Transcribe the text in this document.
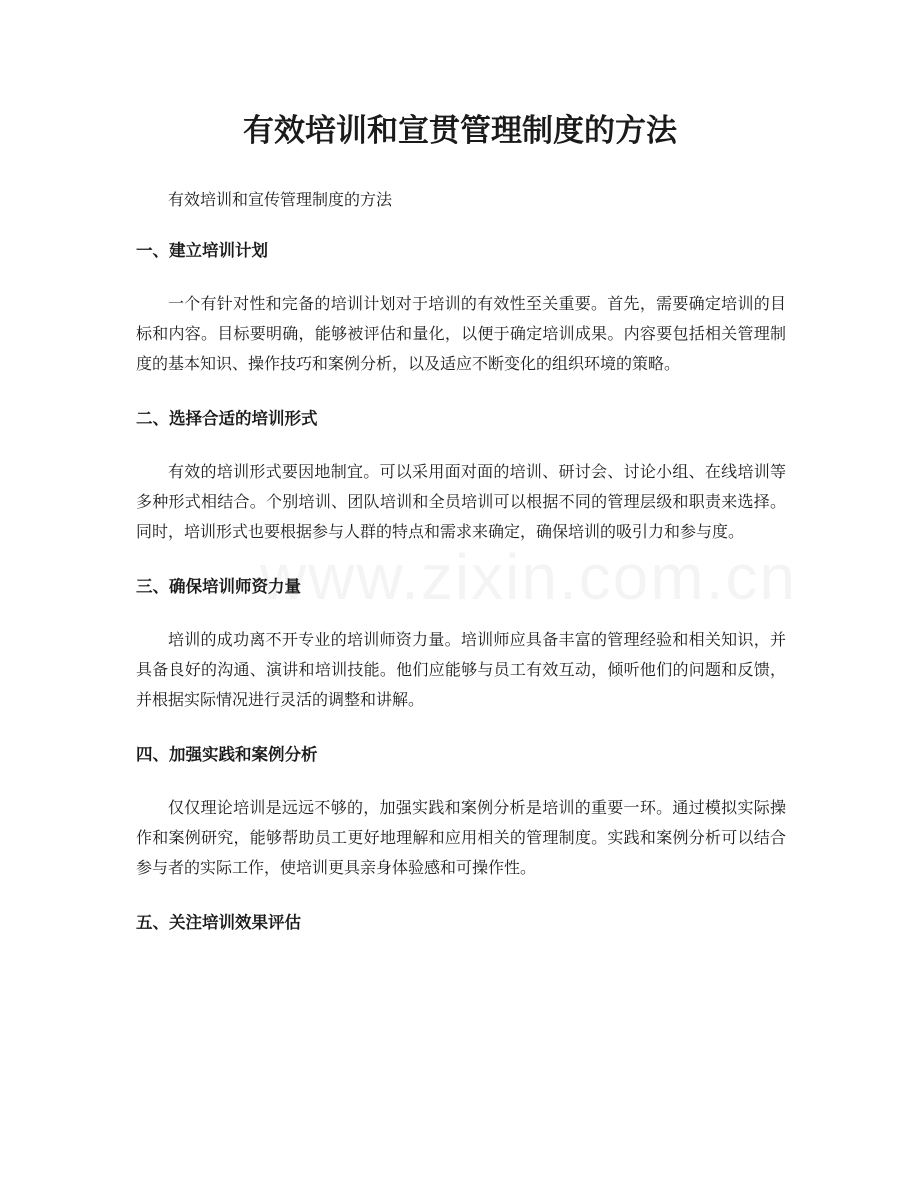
有效培训和宣贯管理制度的方法

有效培训和宣传管理制度的方法

一、建立培训计划

一个有针对性和完备的培训计划对于培训的有效性至关重要。首先，需要确定培训的目标和内容。目标要明确，能够被评估和量化，以便于确定培训成果。内容要包括相关管理制度的基本知识、操作技巧和案例分析，以及适应不断变化的组织环境的策略。

二、选择合适的培训形式

有效的培训形式要因地制宜。可以采用面对面的培训、研讨会、讨论小组、在线培训等多种形式相结合。个别培训、团队培训和全员培训可以根据不同的管理层级和职责来选择。同时，培训形式也要根据参与人群的特点和需求来确定，确保培训的吸引力和参与度。

三、确保培训师资力量

培训的成功离不开专业的培训师资力量。培训师应具备丰富的管理经验和相关知识，并具备良好的沟通、演讲和培训技能。他们应能够与员工有效互动，倾听他们的问题和反馈，并根据实际情况进行灵活的调整和讲解。

四、加强实践和案例分析

仅仅理论培训是远远不够的，加强实践和案例分析是培训的重要一环。通过模拟实际操作和案例研究，能够帮助员工更好地理解和应用相关的管理制度。实践和案例分析可以结合参与者的实际工作，使培训更具亲身体验感和可操作性。

五、关注培训效果评估
